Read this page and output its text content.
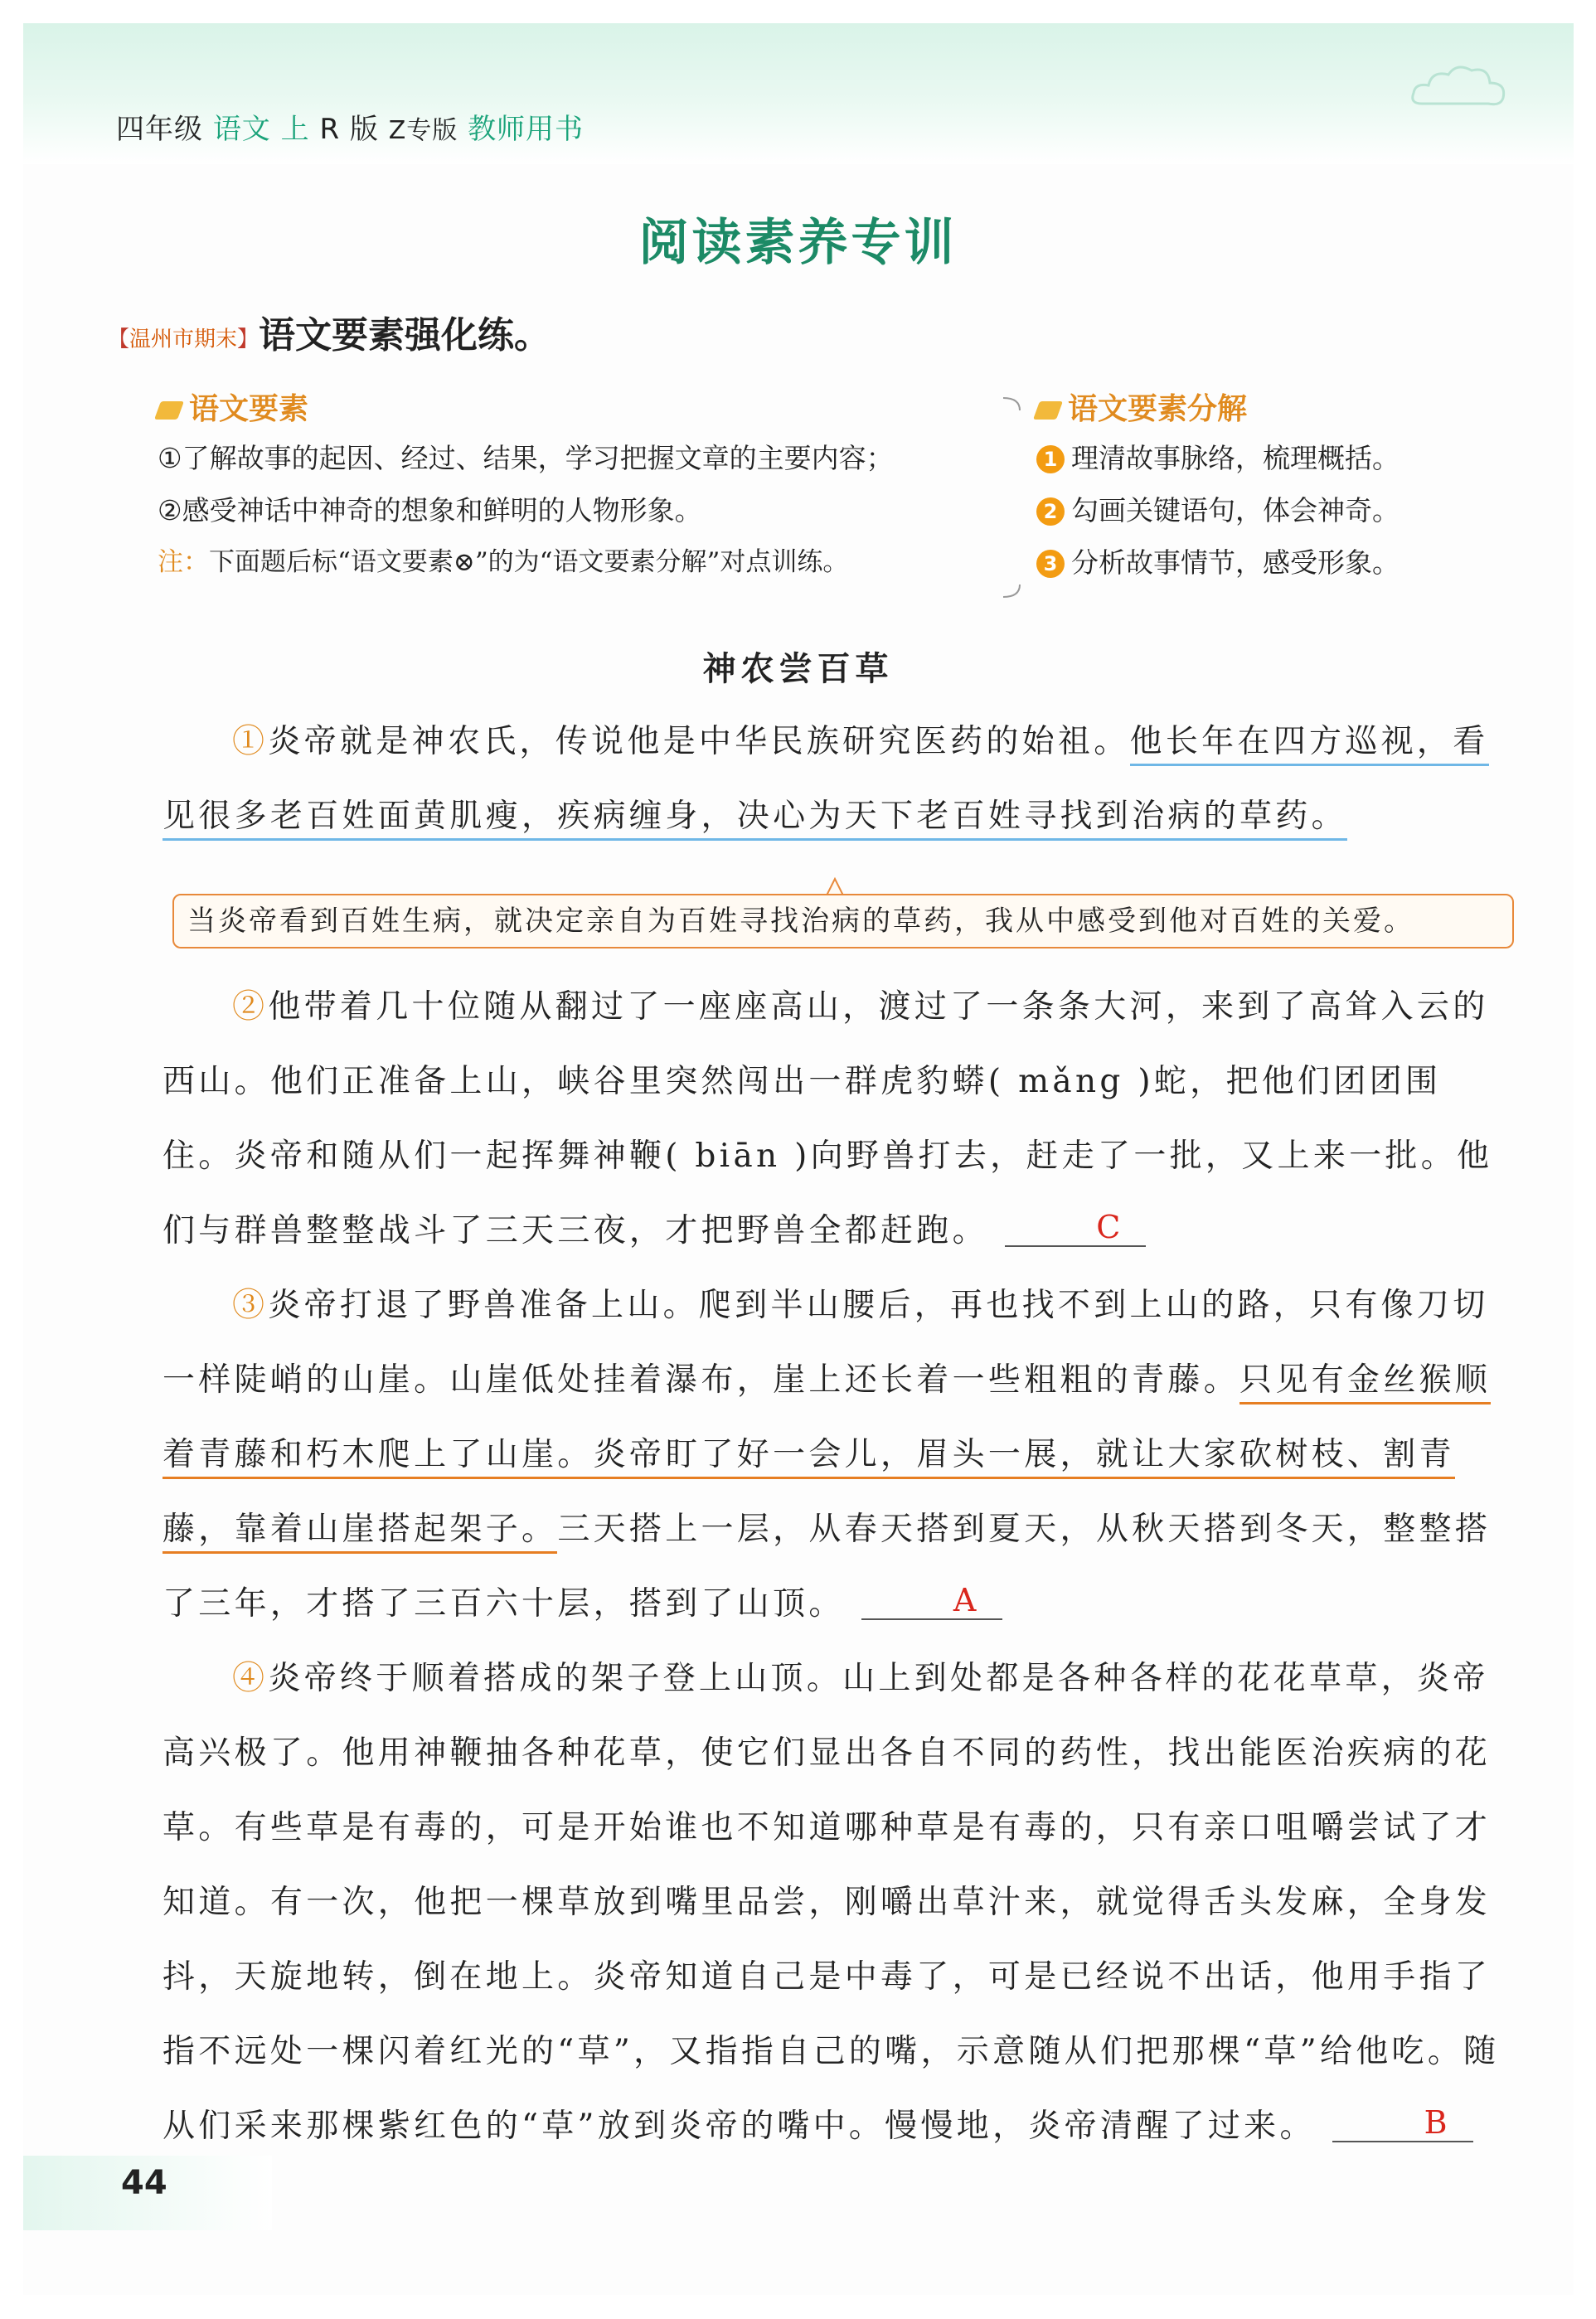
四年级 语文 上 R 版 Z专版 教师用书
阅读素养专训
【温州市期末】语文要素强化练。
语文要素
①了解故事的起因、经过、结果，学习把握文章的主要内容；
②感受神话中神奇的想象和鲜明的人物形象。
注：下面题后标“语文要素⊗”的为“语文要素分解”对点训练。
语文要素分解
1 理清故事脉络，梳理概括。
2 勾画关键语句，体会神奇。
3 分析故事情节，感受形象。
神农尝百草
①炎帝就是神农氏，传说他是中华民族研究医药的始祖。他长年在四方巡视，看见很多老百姓面黄肌瘦，疾病缠身，决心为天下老百姓寻找到治病的草药。
当炎帝看到百姓生病，就决定亲自为百姓寻找治病的草药，我从中感受到他对百姓的关爱。
②他带着几十位随从翻过了一座座高山，渡过了一条条大河，来到了高耸入云的西山。他们正准备上山，峡谷里突然闯出一群虎豹蟒( mǎng )蛇，把他们团团围住。炎帝和随从们一起挥舞神鞭( biān )向野兽打去，赶走了一批，又上来一批。他们与群兽整整战斗了三天三夜，才把野兽全都赶跑。	C
③炎帝打退了野兽准备上山。爬到半山腰后，再也找不到上山的路，只有像刀切一样陡峭的山崖。山崖低处挂着瀑布，崖上还长着一些粗粗的青藤。只见有金丝猴顺着青藤和朽木爬上了山崖。炎帝盯了好一会儿，眉头一展，就让大家砍树枝、割青藤，靠着山崖搭起架子。三天搭上一层，从春天搭到夏天，从秋天搭到冬天，整整搭了三年，才搭了三百六十层，搭到了山顶。	A
④炎帝终于顺着搭成的架子登上山顶。山上到处都是各种各样的花花草草，炎帝高兴极了。他用神鞭抽各种花草，使它们显出各自不同的药性，找出能医治疾病的花草。有些草是有毒的，可是开始谁也不知道哪种草是有毒的，只有亲口咀嚼尝试了才知道。有一次，他把一棵草放到嘴里品尝，刚嚼出草汁来，就觉得舌头发麻，全身发抖，天旋地转，倒在地上。炎帝知道自己是中毒了，可是已经说不出话，他用手指了指不远处一棵闪着红光的“草”，又指指自己的嘴，示意随从们把那棵“草”给他吃。随从们采来那棵紫红色的“草”放到炎帝的嘴中。慢慢地，炎帝清醒了过来。	B
44
